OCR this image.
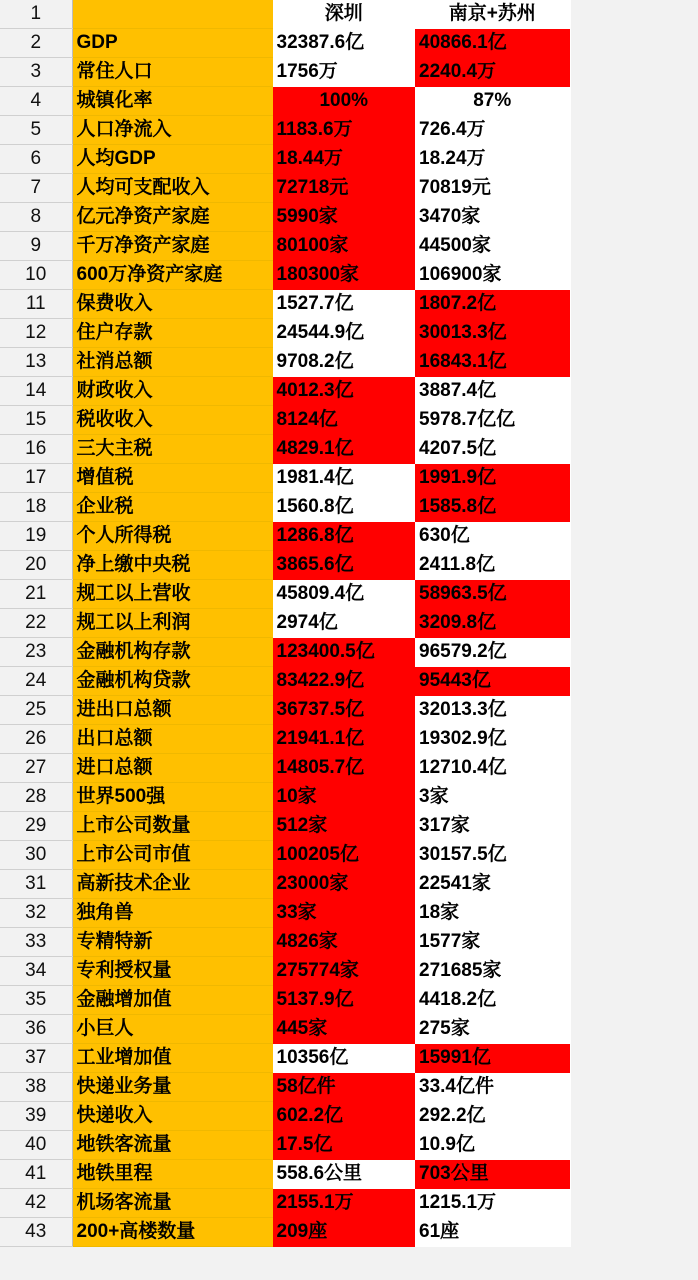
1		深圳	南京+苏州	
2	GDP	32387.6亿	40866.1亿	
3	常住人口	1756万	2240.4万	
4	城镇化率	100%	87%	
5	人口净流入	1183.6万	726.4万	
6	人均GDP	18.44万	18.24万	
7	人均可支配收入	72718元	70819元	
8	亿元净资产家庭	5990家	3470家	
9	千万净资产家庭	80100家	44500家	
10	600万净资产家庭	180300家	106900家	
11	保费收入	1527.7亿	1807.2亿	
12	住户存款	24544.9亿	30013.3亿	
13	社消总额	9708.2亿	16843.1亿	
14	财政收入	4012.3亿	3887.4亿	
15	税收收入	8124亿	5978.7亿亿	
16	三大主税	4829.1亿	4207.5亿	
17	增值税	1981.4亿	1991.9亿	
18	企业税	1560.8亿	1585.8亿	
19	个人所得税	1286.8亿	630亿	
20	净上缴中央税	3865.6亿	2411.8亿	
21	规工以上营收	45809.4亿	58963.5亿	
22	规工以上利润	2974亿	3209.8亿	
23	金融机构存款	123400.5亿	96579.2亿	
24	金融机构贷款	83422.9亿	95443亿	
25	进出口总额	36737.5亿	32013.3亿	
26	出口总额	21941.1亿	19302.9亿	
27	进口总额	14805.7亿	12710.4亿	
28	世界500强	10家	3家	
29	上市公司数量	512家	317家	
30	上市公司市值	100205亿	30157.5亿	
31	高新技术企业	23000家	22541家	
32	独角兽	33家	18家	
33	专精特新	4826家	1577家	
34	专利授权量	275774家	271685家	
35	金融增加值	5137.9亿	4418.2亿	
36	小巨人	445家	275家	
37	工业增加值	10356亿	15991亿	
38	快递业务量	58亿件	33.4亿件	
39	快递收入	602.2亿	292.2亿	
40	地铁客流量	17.5亿	10.9亿	
41	地铁里程	558.6公里	703公里	
42	机场客流量	2155.1万	1215.1万	
43	200+高楼数量	209座	61座	
